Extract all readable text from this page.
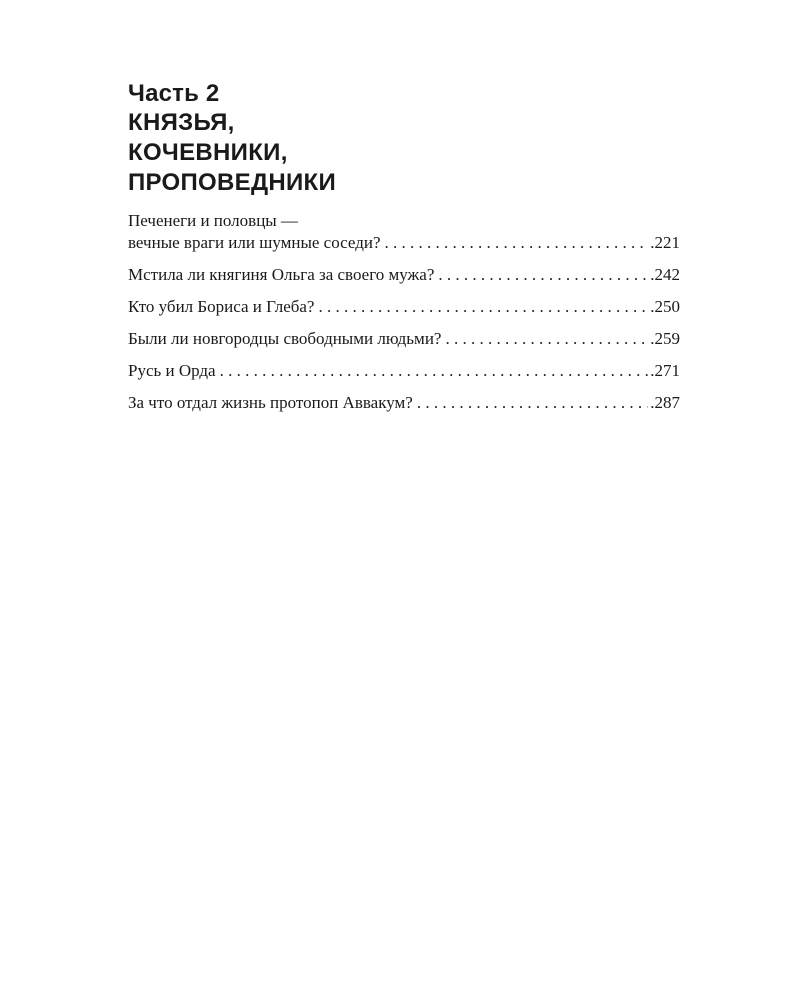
Часть 2
КНЯЗЬЯ,
КОЧЕВНИКИ,
ПРОПОВЕДНИКИ
Печенеги и половцы —
вечные враги или шумные соседи? . . .	.221
Мстила ли княгиня Ольга за своего мужа? . . .	.242
Кто убил Бориса и Глеба? . . .	.250
Были ли новгородцы свободными людьми? . . .	.259
Русь и Орда . . .	.271
За что отдал жизнь протопоп Аввакум? . . .	.287
